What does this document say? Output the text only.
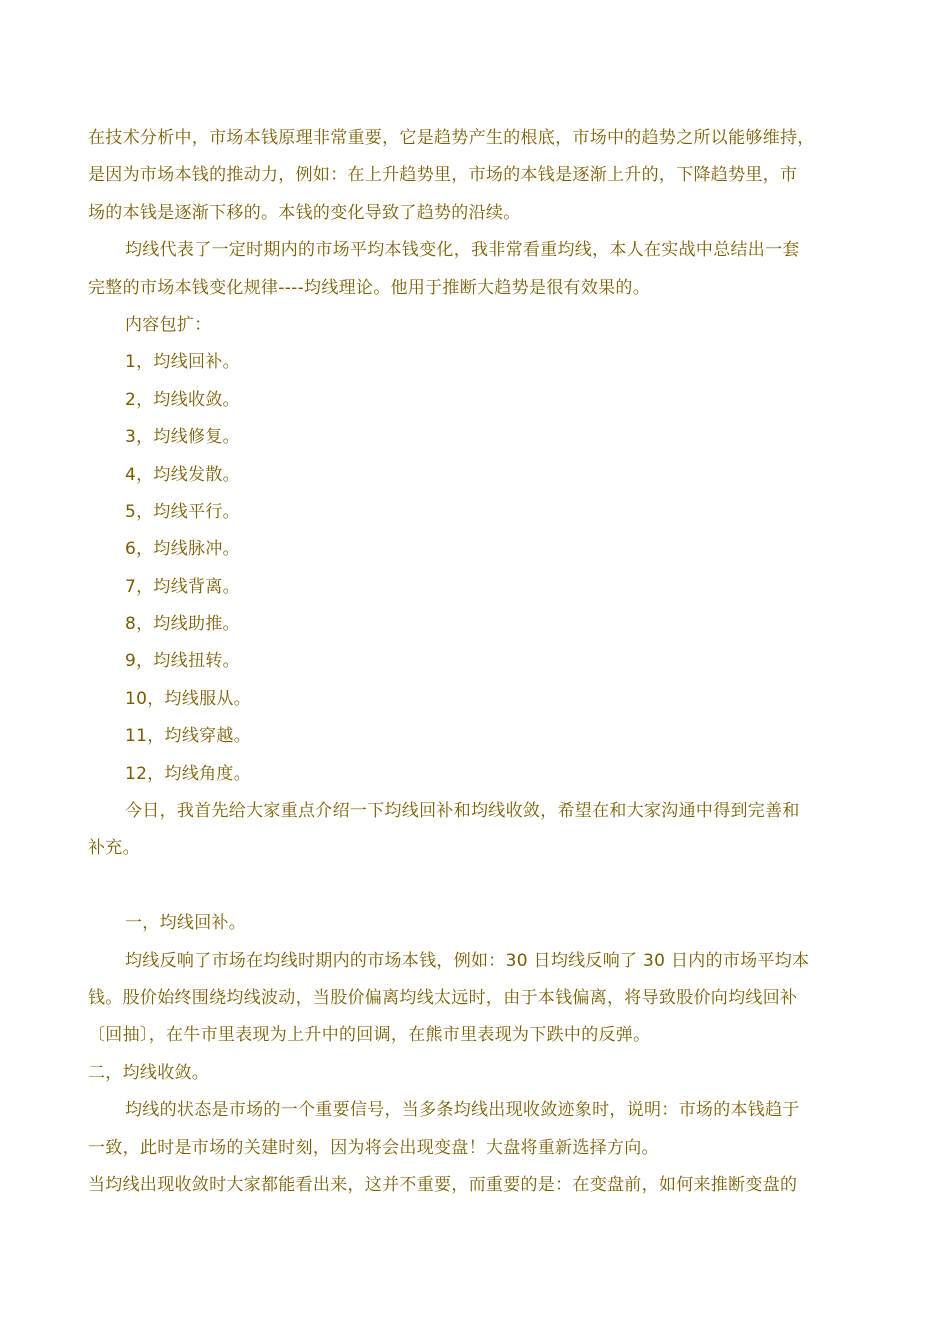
在技术分析中，市场本钱原理非常重要，它是趋势产生的根底，市场中的趋势之所以能够维持，
是因为市场本钱的推动力，例如：在上升趋势里，市场的本钱是逐渐上升的，下降趋势里，市
场的本钱是逐渐下移的。本钱的变化导致了趋势的沿续。
均线代表了一定时期内的市场平均本钱变化，我非常看重均线，本人在实战中总结出一套
完整的市场本钱变化规律----均线理论。他用于推断大趋势是很有效果的。
内容包扩：
1，均线回补。
2，均线收敛。
3，均线修复。
4，均线发散。
5，均线平行。
6，均线脉冲。
7，均线背离。
8，均线助推。
9，均线扭转。
10，均线服从。
11，均线穿越。
12，均线角度。
今日，我首先给大家重点介绍一下均线回补和均线收敛，希望在和大家沟通中得到完善和
补充。
一，均线回补。
均线反响了市场在均线时期内的市场本钱，例如：30 日均线反响了 30 日内的市场平均本
钱。股价始终围绕均线波动，当股价偏离均线太远时，由于本钱偏离，将导致股价向均线回补
〔回抽〕，在牛市里表现为上升中的回调，在熊市里表现为下跌中的反弹。
二，均线收敛。
均线的状态是市场的一个重要信号，当多条均线出现收敛迹象时，说明：市场的本钱趋于
一致，此时是市场的关建时刻，因为将会出现变盘！大盘将重新选择方向。
当均线出现收敛时大家都能看出来，这并不重要，而重要的是：在变盘前，如何来推断变盘的
